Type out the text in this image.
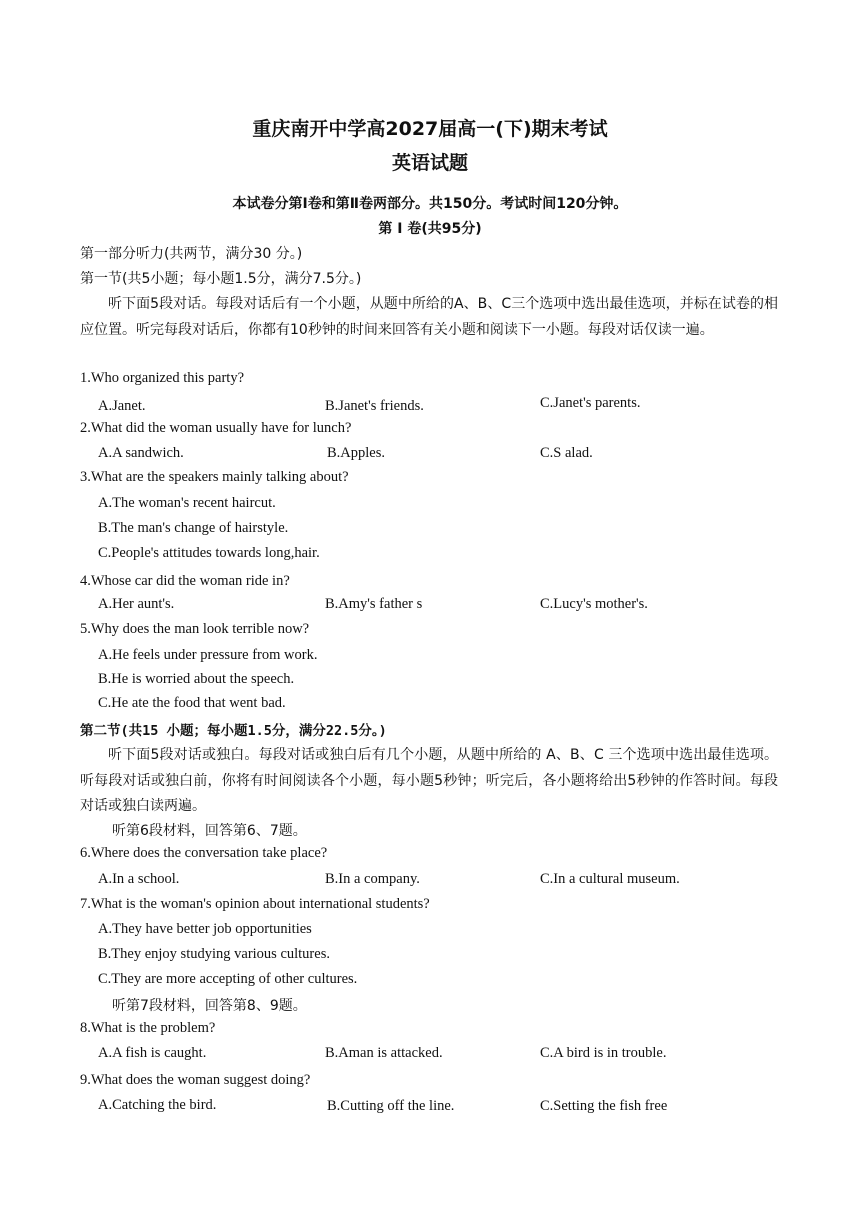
重庆南开中学高2027届高一(下)期末考试
英语试题
本试卷分第Ⅰ卷和第Ⅱ卷两部分。共150分。考试时间120分钟。
第 Ⅰ 卷(共95分)
第一部分听力(共两节，满分30 分。)
第一节(共5小题；每小题1.5分，满分7.5分。)
听下面5段对话。每段对话后有一个小题，从题中所给的A、B、C三个选项中选出最佳选项，并标在试卷的相应位置。听完每段对话后，你都有10秒钟的时间来回答有关小题和阅读下一小题。每段对话仅读一遍。
1.Who organized this party?
A.Janet.	B.Janet's friends.	C.Janet's parents.
2.What did the woman usually have for lunch?
A.A sandwich.	B.Apples.	C.S alad.
3.What are the speakers mainly talking about?
A.The woman's recent haircut.
B.The man's change of hairstyle.
C.People's attitudes towards long,hair.
4.Whose car did the woman ride in?
A.Her aunt's.	B.Amy's father s	C.Lucy's mother's.
5.Why does the man look terrible now?
A.He feels under pressure from work.
B.He is worried about the speech.
C.He ate the food that went bad.
第二节(共15 小题；每小题1.5分，满分22.5分。)
听下面5段对话或独白。每段对话或独白后有几个小题，从题中所给的 A、B、C 三个选项中选出最佳选项。听每段对话或独白前，你将有时间阅读各个小题，每小题5秒钟；听完后，各小题将给出5秒钟的作答时间。每段对话或独白读两遍。
听第6段材料，回答第6、7题。
6.Where does the conversation take place?
A.In a school.	B.In a company.	C.In a cultural museum.
7.What is the woman's opinion about international students?
A.They have better job opportunities
B.They enjoy studying various cultures.
C.They are more accepting of other cultures.
听第7段材料，回答第8、9题。
8.What is the problem?
A.A fish is caught.	B.Aman is attacked.	C.A bird is in trouble.
9.What does the woman suggest doing?
A.Catching the bird.	B.Cutting off the line.	C.Setting the fish free
